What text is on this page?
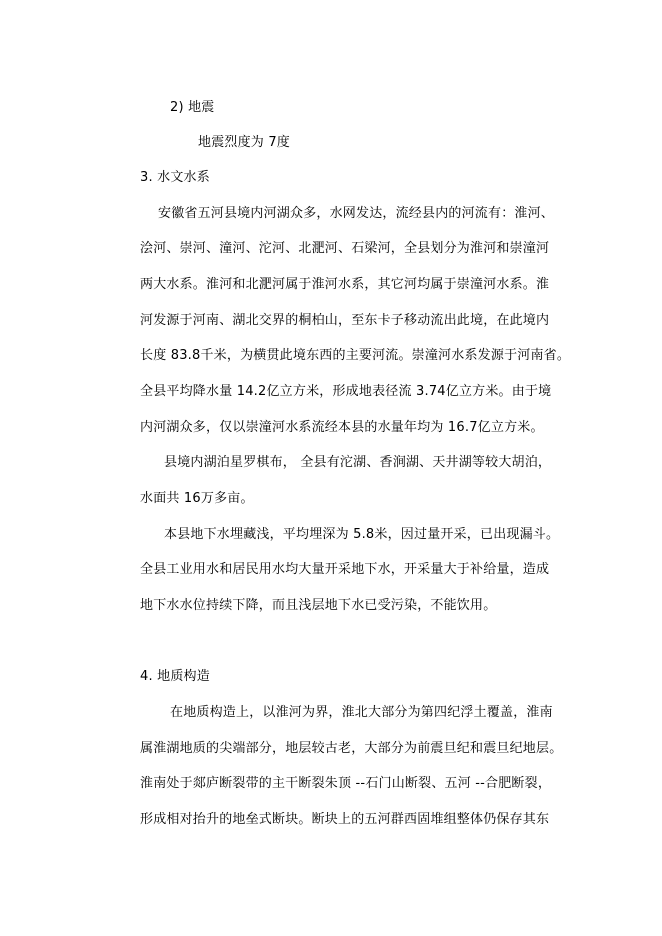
2) 地震
地震烈度为 7度
3. 水文水系
安徽省五河县境内河湖众多，水网发达，流经县内的河流有：淮河、
浍河、崇河、潼河、沱河、北淝河、石梁河，全县划分为淮河和崇潼河
两大水系。淮河和北淝河属于淮河水系，其它河均属于崇潼河水系。淮
河发源于河南、湖北交界的桐柏山，至东卡子移动流出此境，在此境内
长度 83.8千米，为横贯此境东西的主要河流。崇潼河水系发源于河南省。
全县平均降水量 14.2亿立方米，形成地表径流 3.74亿立方米。由于境
内河湖众多，仅以崇潼河水系流经本县的水量年均为 16.7亿立方米。
县境内湖泊星罗棋布， 全县有沱湖、香涧湖、天井湖等较大胡泊，
水面共 16万多亩。
本县地下水埋藏浅，平均埋深为 5.8米，因过量开采，已出现漏斗。
全县工业用水和居民用水均大量开采地下水，开采量大于补给量，造成
地下水水位持续下降，而且浅层地下水已受污染，不能饮用。
4. 地质构造
在地质构造上，以淮河为界，淮北大部分为第四纪浮土覆盖，淮南
属淮湖地质的尖端部分，地层较古老，大部分为前震旦纪和震旦纪地层。
淮南处于郯庐断裂带的主干断裂朱顶 --石门山断裂、五河 --合肥断裂，
形成相对抬升的地垒式断块。断块上的五河群西固堆组整体仍保存其东
